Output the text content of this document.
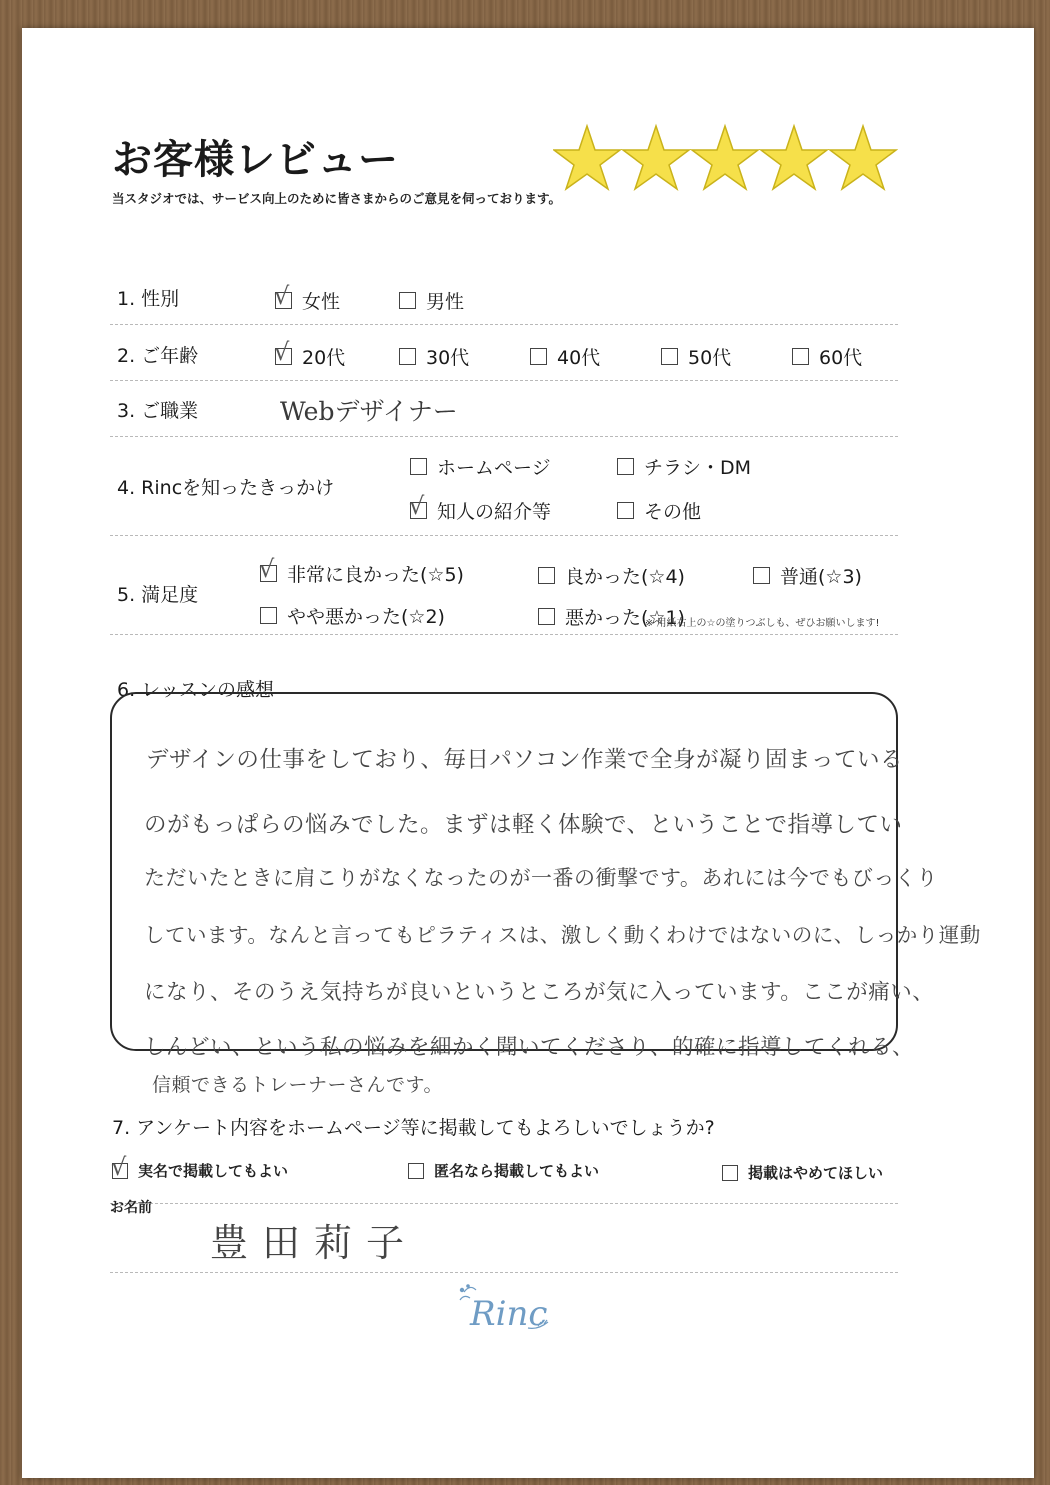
お客様レビュー
当スタジオでは、サービス向上のために皆さまからのご意見を伺っております。
1. 性別	√ 女性	男性
2. ご年齢	√ 20代	30代	40代	50代	60代
3. ご職業	Webデザイナー
4. Rincを知ったきっかけ
ホームページ	チラシ・DM
√ 知人の紹介等	その他
5. 満足度
√ 非常に良かった(☆5)	良かった(☆4)	普通(☆3)
やや悪かった(☆2)	悪かった(☆1)
※ 用紙右上の☆の塗りつぶしも、ぜひお願いします!
6. レッスンの感想
デザインの仕事をしており、毎日パソコン作業で全身が凝り固まっている
のがもっぱらの悩みでした。まずは軽く体験で、ということで指導してい
ただいたときに肩こりがなくなったのが一番の衝撃です。あれには今でもびっくり
しています。なんと言ってもピラティスは、激しく動くわけではないのに、しっかり運動
になり、そのうえ気持ちが良いというところが気に入っています。ここが痛い、
しんどい、という私の悩みを細かく聞いてくださり、的確に指導してくれる、
信頼できるトレーナーさんです。
7. アンケート内容をホームページ等に掲載してもよろしいでしょうか?
√ 実名で掲載してもよい	匿名なら掲載してもよい	掲載はやめてほしい
お名前
豊田莉子
Rinc
